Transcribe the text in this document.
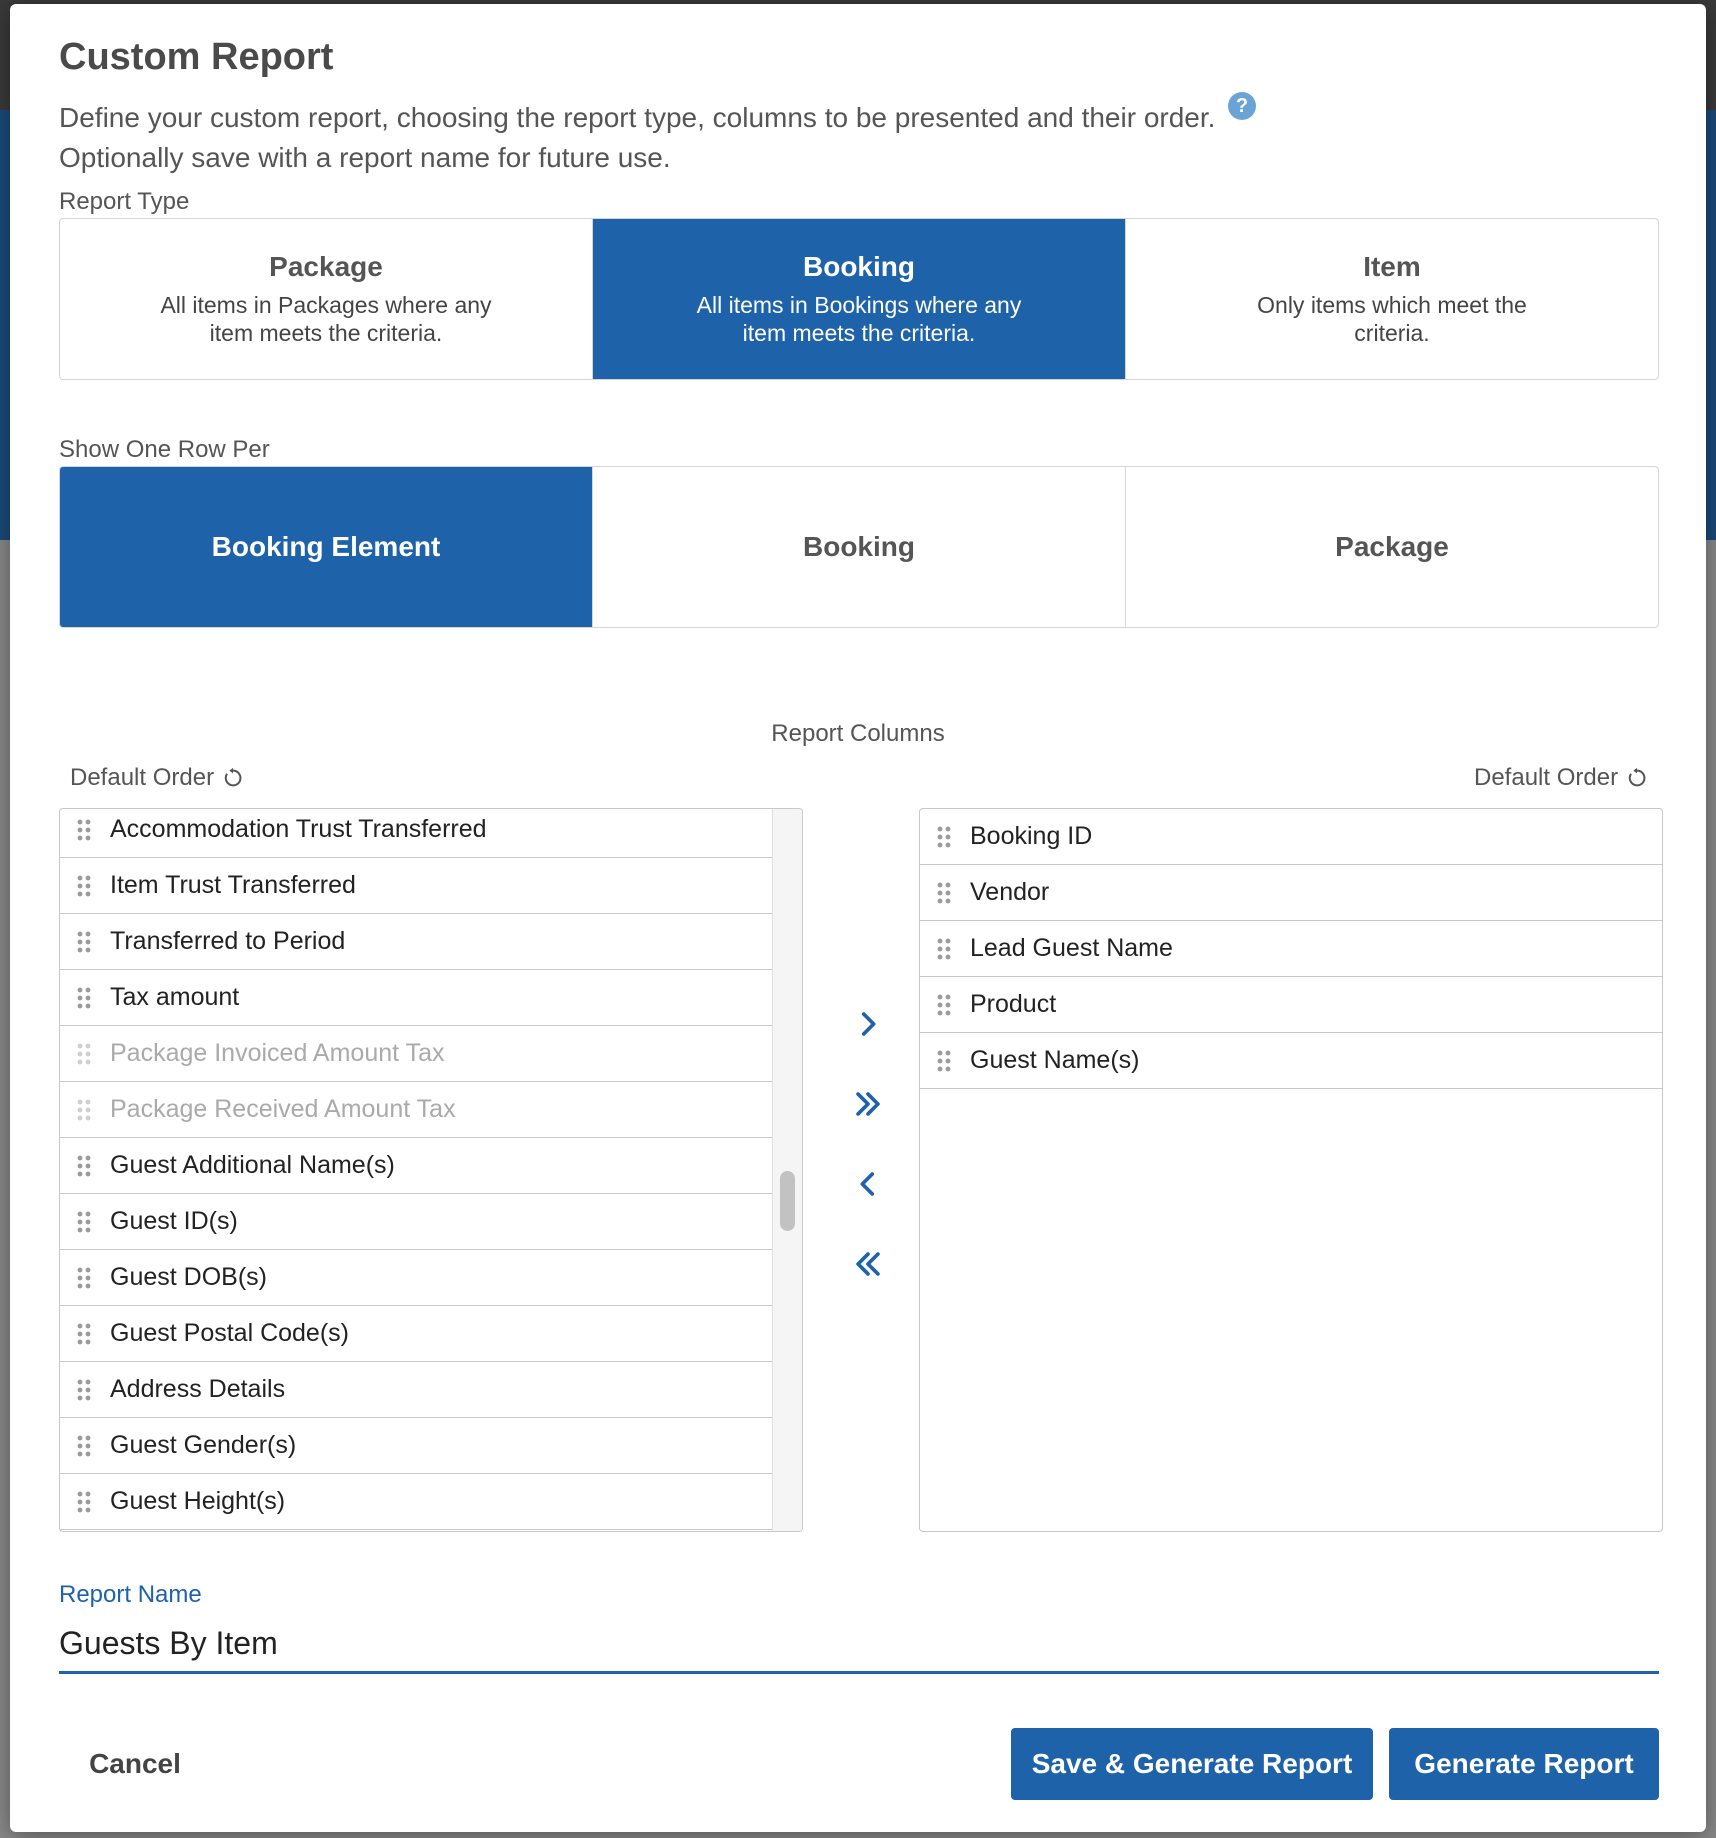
Custom Report
Define your custom report, choosing the report type, columns to be presented and their order.
Optionally save with a report name for future use.
?
Report Type
Package
All items in Packages where any item meets the criteria.
Booking
All items in Bookings where any item meets the criteria.
Item
Only items which meet the criteria.
Show One Row Per
Booking Element	Booking	Package
Report Columns
Default Order	Default Order
Accommodation Trust Transferred
Item Trust Transferred
Transferred to Period
Tax amount
Package Invoiced Amount Tax
Package Received Amount Tax
Guest Additional Name(s)
Guest ID(s)
Guest DOB(s)
Guest Postal Code(s)
Address Details
Guest Gender(s)
Guest Height(s)
Booking ID
Vendor
Lead Guest Name
Product
Guest Name(s)
Report Name
Guests By Item
Cancel	Save & Generate Report	Generate Report
